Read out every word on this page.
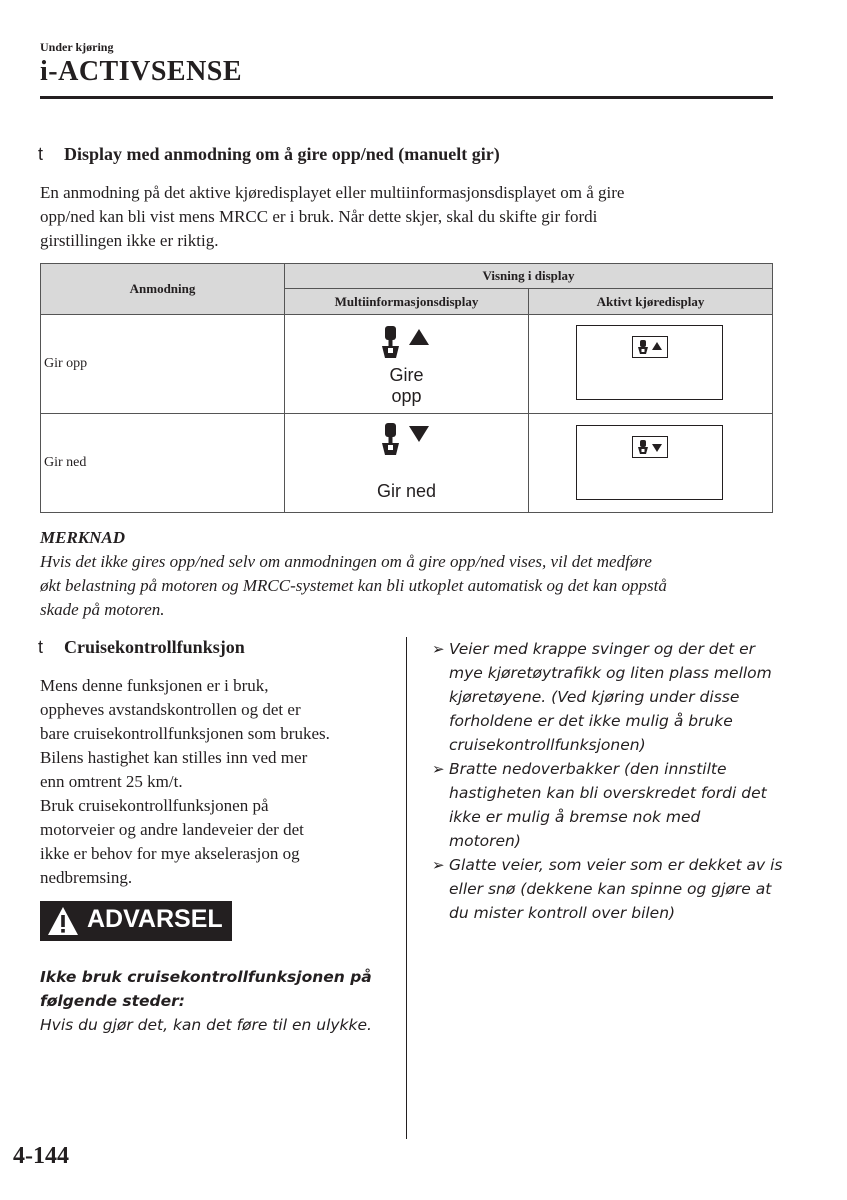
Under kjøring
i-ACTIVSENSE
t Display med anmodning om å gire opp/ned (manuelt gir)
En anmodning på det aktive kjøredisplayet eller multiinformasjonsdisplayet om å gire
opp/ned kan bli vist mens MRCC er i bruk. Når dette skjer, skal du skifte gir fordi
girstillingen ikke er riktig.
Anmodning	Visning i display	
	Multiinformasjonsdisplay	Aktivt kjøredisplay
Gir opp	Gire
opp

Gir ned	Gir ned

MERKNAD
Hvis det ikke gires opp/ned selv om anmodningen om å gire opp/ned vises, vil det medføre
økt belastning på motoren og MRCC-systemet kan bli utkoplet automatisk og det kan oppstå
skade på motoren.
t Cruisekontrollfunksjon
Mens denne funksjonen er i bruk,
oppheves avstandskontrollen og det er
bare cruisekontrollfunksjonen som brukes.
Bilens hastighet kan stilles inn ved mer
enn omtrent 25 km/t.
Bruk cruisekontrollfunksjonen på
motorveier og andre landeveier der det
ikke er behov for mye akselerasjon og
nedbremsing.
ADVARSEL
Ikke bruk cruisekontrollfunksjonen på
følgende steder:
Hvis du gjør det, kan det føre til en ulykke.
➢ Veier med krappe svinger og der det er
mye kjøretøytrafikk og liten plass mellom
kjøretøyene. (Ved kjøring under disse
forholdene er det ikke mulig å bruke
cruisekontrollfunksjonen)
➢ Bratte nedoverbakker (den innstilte
hastigheten kan bli overskredet fordi det
ikke er mulig å bremse nok med
motoren)
➢ Glatte veier, som veier som er dekket av is
eller snø (dekkene kan spinne og gjøre at
du mister kontroll over bilen)
4-144
